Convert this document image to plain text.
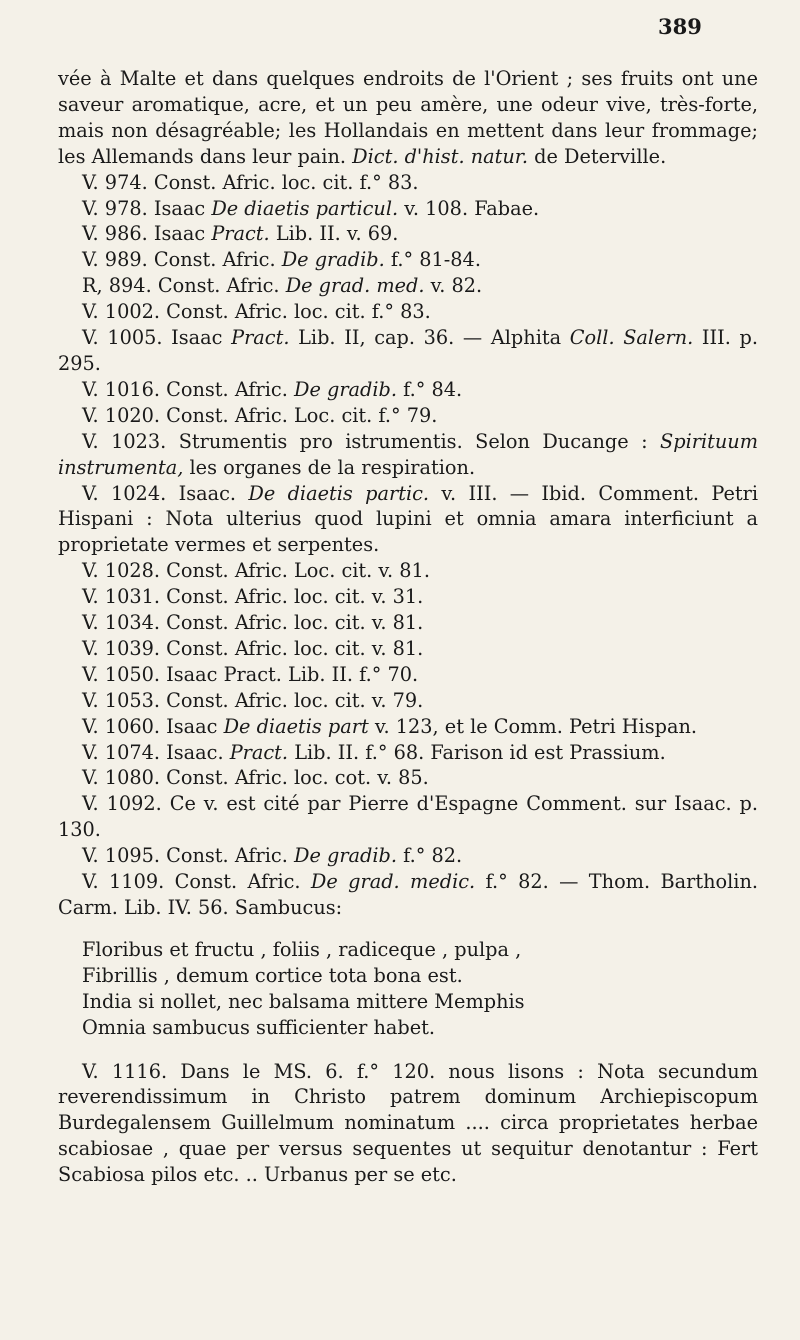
389

vée à Malte et dans quelques endroits de l'Orient ; ses fruits ont une saveur aromatique, acre, et un peu amère, une odeur vive, très-forte, mais non désagréable; les Hollandais en mettent dans leur frommage; les Allemands dans leur pain. Dict. d'hist. natur. de Deterville.

V. 974. Const. Afric. loc. cit. f.° 83.

V. 978. Isaac De diaetis particul. v. 108. Fabae.

V. 986. Isaac Pract. Lib. II. v. 69.

V. 989. Const. Afric. De gradib. f.° 81-84.

R, 894. Const. Afric. De grad. med. v. 82.

V. 1002. Const. Afric. loc. cit. f.° 83.

V. 1005. Isaac Pract. Lib. II, cap. 36. — Alphita Coll. Salern. III. p. 295.

V. 1016. Const. Afric. De gradib. f.° 84.

V. 1020. Const. Afric. Loc. cit. f.° 79.

V. 1023. Strumentis pro istrumentis. Selon Ducange : Spirituum instrumenta, les organes de la respiration.

V. 1024. Isaac. De diaetis partic. v. III. — Ibid. Comment. Petri Hispani : Nota ulterius quod lupini et omnia amara interficiunt a proprietate vermes et serpentes.

V. 1028. Const. Afric. Loc. cit. v. 81.

V. 1031. Const. Afric. loc. cit. v. 31.

V. 1034. Const. Afric. loc. cit. v. 81.

V. 1039. Const. Afric. loc. cit. v. 81.

V. 1050. Isaac Pract. Lib. II. f.° 70.

V. 1053. Const. Afric. loc. cit. v. 79.

V. 1060. Isaac De diaetis part v. 123, et le Comm. Petri Hispan.

V. 1074. Isaac. Pract. Lib. II. f.° 68. Farison id est Prassium.

V. 1080. Const. Afric. loc. cot. v. 85.

V. 1092. Ce v. est cité par Pierre d'Espagne Comment. sur Isaac. p. 130.

V. 1095. Const. Afric. De gradib. f.° 82.

V. 1109. Const. Afric. De grad. medic. f.° 82. — Thom. Bartholin. Carm. Lib. IV. 56. Sambucus:

Floribus et fructu , foliis , radiceque , pulpa ,

Fibrillis , demum cortice tota bona est.

India si nollet, nec balsama mittere Memphis

Omnia sambucus sufficienter habet.

V. 1116. Dans le MS. 6. f.° 120. nous lisons : Nota secundum reverendissimum in Christo patrem dominum Archiepiscopum Burdegalensem Guillelmum nominatum .... circa proprietates herbae scabiosae , quae per versus sequentes ut sequitur denotantur : Fert Scabiosa pilos etc. .. Urbanus per se etc.
